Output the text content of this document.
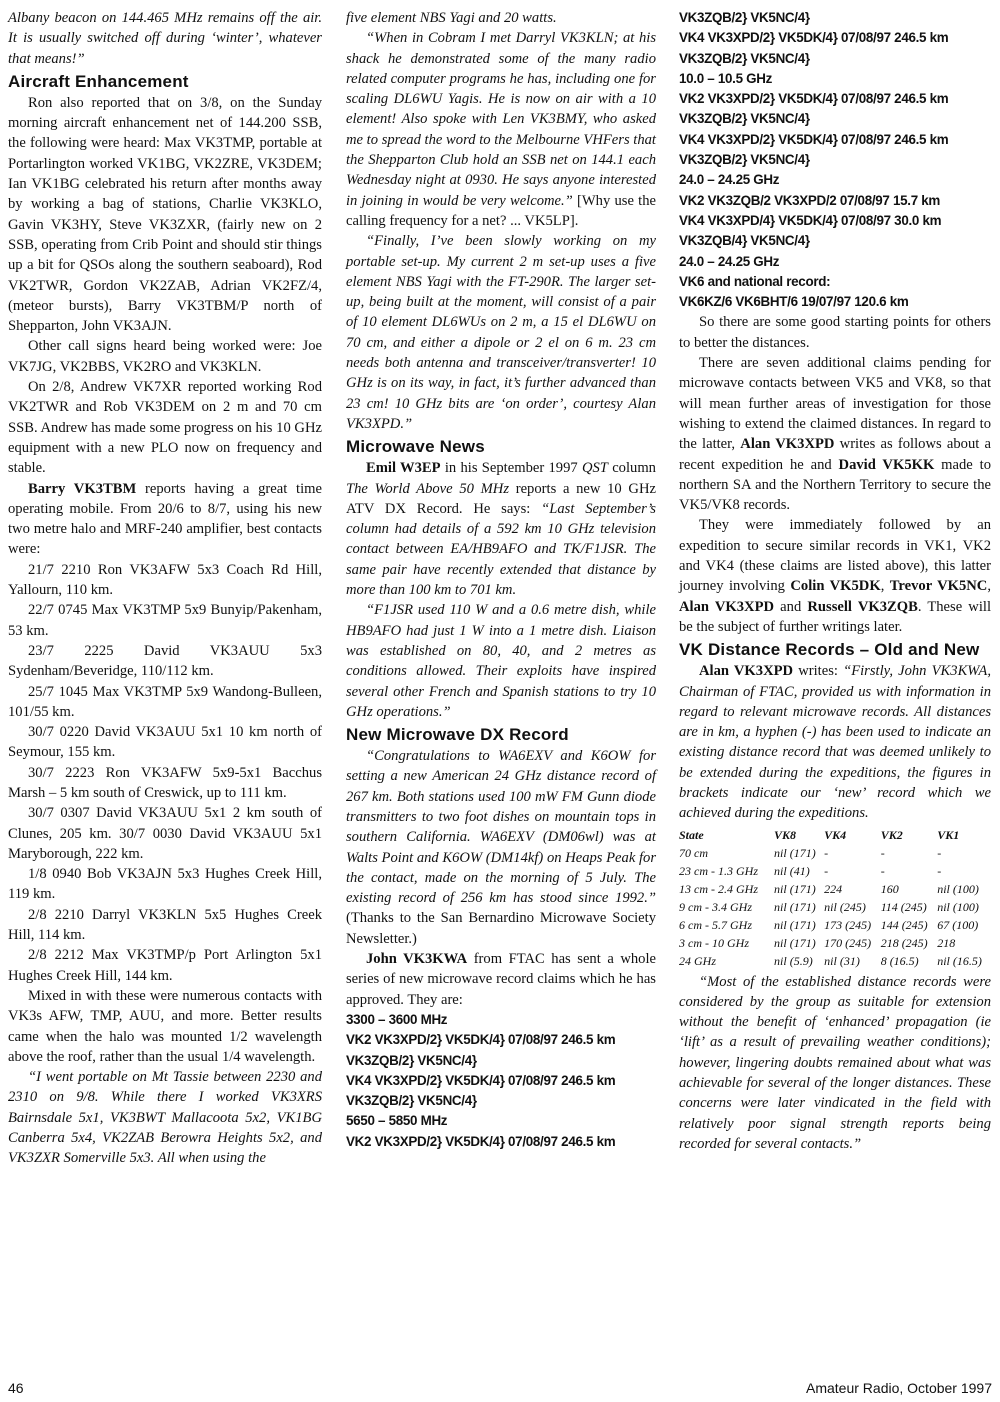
Albany beacon on 144.465 MHz remains off the air. It is usually switched off during ‘winter’, whatever that means!”

Aircraft Enhancement

Ron also reported that on 3/8, on the Sunday morning aircraft enhancement net of 144.200 SSB, the following were heard: Max VK3TMP, portable at Portarlington worked VK1BG, VK2ZRE, VK3DEM; Ian VK1BG celebrated his return after months away by working a bag of stations, Charlie VK3KLO, Gavin VK3HY, Steve VK3ZXR, (fairly new on 2 SSB, operating from Crib Point and should stir things up a bit for QSOs along the southern seaboard), Rod VK2TWR, Gordon VK2ZAB, Adrian VK2FZ/4, (meteor bursts), Barry VK3TBM/P north of Shepparton, John VK3AJN.

Other call signs heard being worked were: Joe VK7JG, VK2BBS, VK2RO and VK3KLN.

On 2/8, Andrew VK7XR reported working Rod VK2TWR and Rob VK3DEM on 2 m and 70 cm SSB. Andrew has made some progress on his 10 GHz equipment with a new PLO now on frequency and stable.

Barry VK3TBM reports having a great time operating mobile. From 20/6 to 8/7, using his new two metre halo and MRF-240 amplifier, best contacts were:

21/7 2210 Ron VK3AFW 5x3 Coach Rd Hill, Yallourn, 110 km.

22/7 0745 Max VK3TMP 5x9 Bunyip/Pakenham, 53 km.

23/7 2225 David VK3AUU 5x3 Sydenham/Beveridge, 110/112 km.

25/7 1045 Max VK3TMP 5x9 Wandong-Bulleen, 101/55 km.

30/7 0220 David VK3AUU 5x1 10 km north of Seymour, 155 km.

30/7 2223 Ron VK3AFW 5x9-5x1 Bacchus Marsh – 5 km south of Creswick, up to 111 km.

30/7 0307 David VK3AUU 5x1 2 km south of Clunes, 205 km. 30/7 0030 David VK3AUU 5x1 Maryborough, 222 km.

1/8 0940 Bob VK3AJN 5x3 Hughes Creek Hill, 119 km.

2/8 2210 Darryl VK3KLN 5x5 Hughes Creek Hill, 114 km.

2/8 2212 Max VK3TMP/p Port Arlington 5x1 Hughes Creek Hill, 144 km.

Mixed in with these were numerous contacts with VK3s AFW, TMP, AUU, and more. Better results came when the halo was mounted 1/2 wavelength above the roof, rather than the usual 1/4 wavelength.

“I went portable on Mt Tassie between 2230 and 2310 on 9/8. While there I worked VK3XRS Bairnsdale 5x1, VK3BWT Mallacoota 5x2, VK1BG Canberra 5x4, VK2ZAB Berowra Heights 5x2, and VK3ZXR Somerville 5x3. All when using the

five element NBS Yagi and 20 watts.

“When in Cobram I met Darryl VK3KLN; at his shack he demonstrated some of the many radio related computer programs he has, including one for scaling DL6WU Yagis. He is now on air with a 10 element! Also spoke with Len VK3BMY, who asked me to spread the word to the Melbourne VHFers that the Shepparton Club hold an SSB net on 144.1 each Wednesday night at 0930. He says anyone interested in joining in would be very welcome.” [Why use the calling frequency for a net? ... VK5LP].

“Finally, I’ve been slowly working on my portable set-up. My current 2 m set-up uses a five element NBS Yagi with the FT-290R. The larger set-up, being built at the moment, will consist of a pair of 10 element DL6WUs on 2 m, a 15 el DL6WU on 70 cm, and either a dipole or 2 el on 6 m. 23 cm needs both antenna and transceiver/transverter! 10 GHz is on its way, in fact, it’s further advanced than 23 cm! 10 GHz bits are ‘on order’, courtesy Alan VK3XPD.”

Microwave News

Emil W3EP in his September 1997 QST column The World Above 50 MHz reports a new 10 GHz ATV DX Record. He says: “Last September’s column had details of a 592 km 10 GHz television contact between EA/HB9AFO and TK/F1JSR. The same pair have recently extended that distance by more than 100 km to 701 km.

“F1JSR used 110 W and a 0.6 metre dish, while HB9AFO had just 1 W into a 1 metre dish. Liaison was established on 80, 40, and 2 metres as conditions allowed. Their exploits have inspired several other French and Spanish stations to try 10 GHz operations.”

New Microwave DX Record

“Congratulations to WA6EXV and K6OW for setting a new American 24 GHz distance record of 267 km. Both stations used 100 mW FM Gunn diode transmitters to two foot dishes on mountain tops in southern California. WA6EXV (DM06wl) was at Walts Point and K6OW (DM14kf) on Heaps Peak for the contact, made on the morning of 5 July. The existing record of 256 km has stood since 1992.” (Thanks to the San Bernardino Microwave Society Newsletter.)

John VK3KWA from FTAC has sent a whole series of new microwave record claims which he has approved. They are:

3300 – 3600 MHz
VK2 VK3XPD/2} VK5DK/4} 07/08/97 246.5 km
VK3ZQB/2} VK5NC/4}
VK4 VK3XPD/2} VK5DK/4} 07/08/97 246.5 km
VK3ZQB/2} VK5NC/4}
5650 – 5850 MHz
VK2 VK3XPD/2} VK5DK/4} 07/08/97 246.5 km

VK3ZQB/2} VK5NC/4}
VK4 VK3XPD/2} VK5DK/4} 07/08/97 246.5 km
VK3ZQB/2} VK5NC/4}
10.0 – 10.5 GHz
VK2 VK3XPD/2} VK5DK/4} 07/08/97 246.5 km
VK3ZQB/2} VK5NC/4}
VK4 VK3XPD/2} VK5DK/4} 07/08/97 246.5 km
VK3ZQB/2} VK5NC/4}
24.0 – 24.25 GHz
VK2 VK3ZQB/2 VK3XPD/2 07/08/97 15.7 km
VK4 VK3XPD/4} VK5DK/4} 07/08/97 30.0 km
VK3ZQB/4} VK5NC/4}
24.0 – 24.25 GHz
VK6 and national record:
VK6KZ/6 VK6BHT/6 19/07/97 120.6 km

So there are some good starting points for others to better the distances.

There are seven additional claims pending for microwave contacts between VK5 and VK8, so that will mean further areas of investigation for those wishing to extend the claimed distances. In regard to the latter, Alan VK3XPD writes as follows about a recent expedition he and David VK5KK made to northern SA and the Northern Territory to secure the VK5/VK8 records.

They were immediately followed by an expedition to secure similar records in VK1, VK2 and VK4 (these claims are listed above), this latter journey involving Colin VK5DK, Trevor VK5NC, Alan VK3XPD and Russell VK3ZQB. These will be the subject of further writings later.

VK Distance Records – Old and New

Alan VK3XPD writes: “Firstly, John VK3KWA, Chairman of FTAC, provided us with information in regard to relevant microwave records. All distances are in km, a hyphen (-) has been used to indicate an existing distance record that was deemed unlikely to be extended during the expeditions, the figures in brackets indicate our ‘new’ record which we achieved during the expeditions.

State	VK8	VK4	VK2	VK1
70 cm	nil (171)	-	-	-
23 cm - 1.3 GHz	nil (41)	-	-	-
13 cm - 2.4 GHz	nil (171)	224	160	nil (100)
9 cm - 3.4 GHz	nil (171)	nil (245)	114 (245)	nil (100)
6 cm - 5.7 GHz	nil (171)	173 (245)	144 (245)	67 (100)
3 cm - 10 GHz	nil (171)	170 (245)	218 (245)	218
24 GHz	nil (5.9)	nil (31)	8 (16.5)	nil (16.5)

“Most of the established distance records were considered by the group as suitable for extension without the benefit of ‘enhanced’ propagation (ie ‘lift’ as a result of prevailing weather conditions); however, lingering doubts remained about what was achievable for several of the longer distances. These concerns were later vindicated in the field with relatively poor signal strength reports being recorded for several contacts.”

46	Amateur Radio, October 1997
